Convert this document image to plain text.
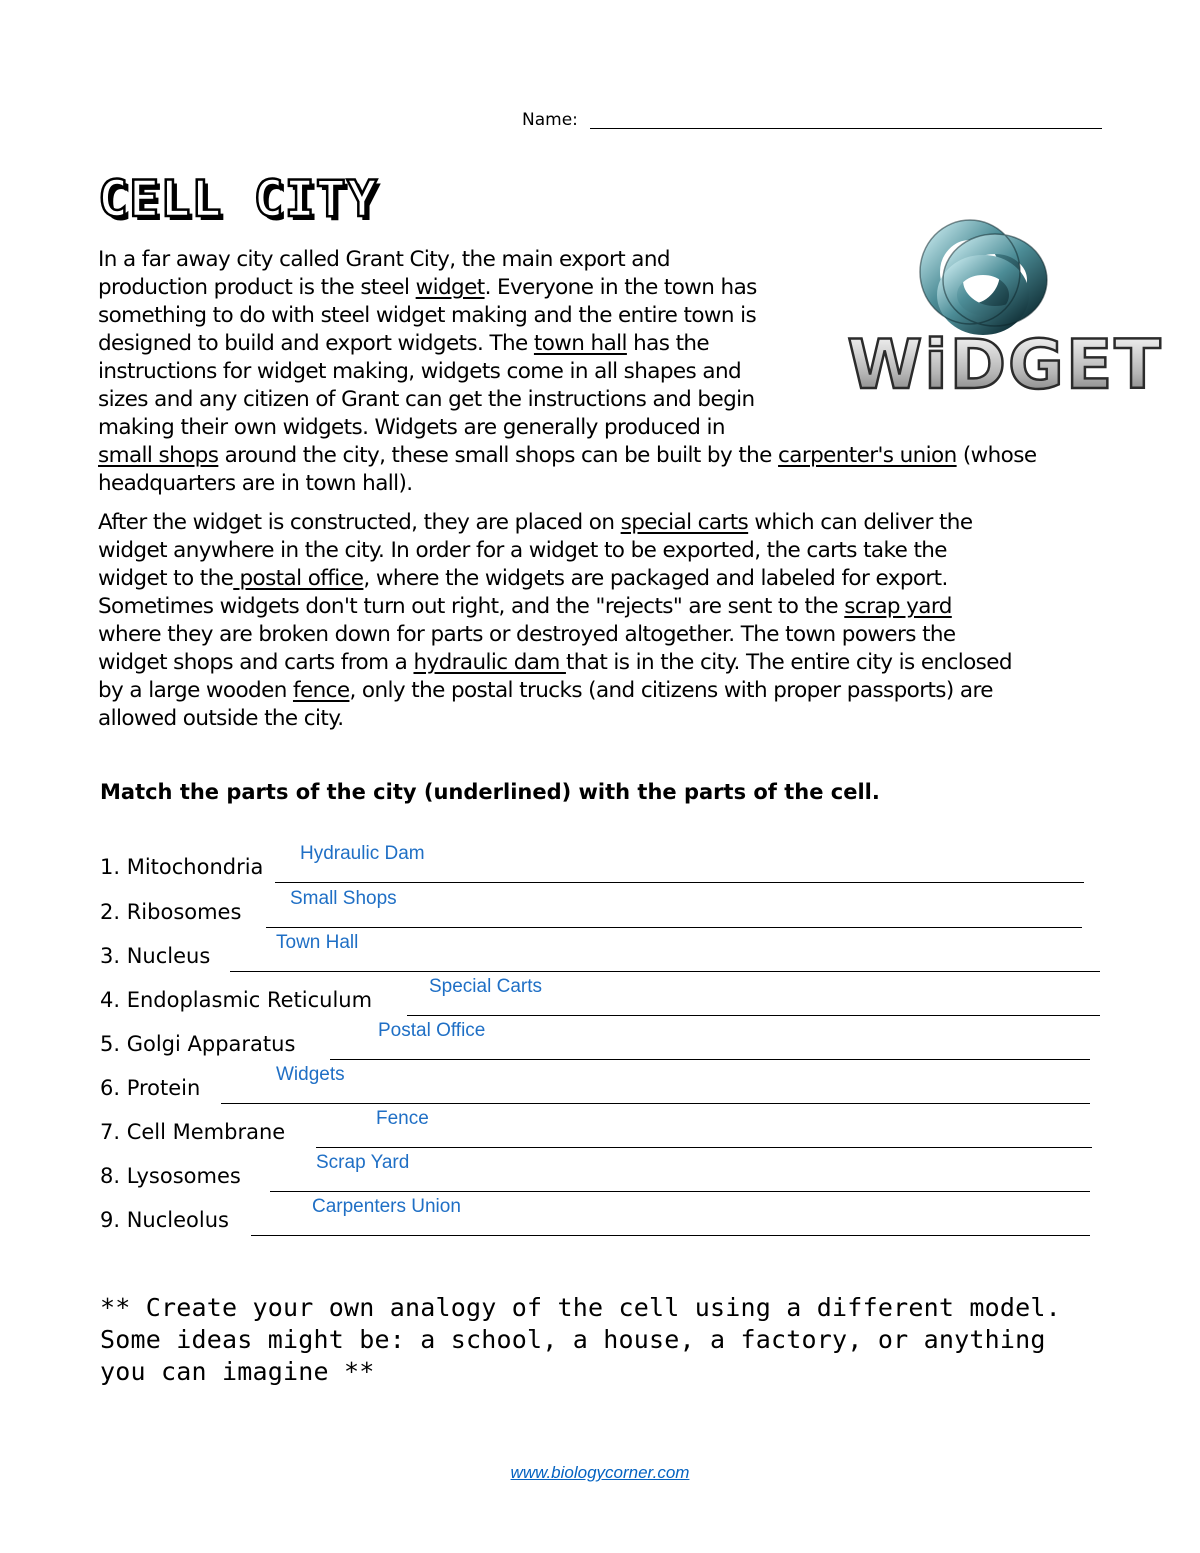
Name:
CELL CITY
WiDGET
In a far away city called Grant City, the main export and
production product is the steel widget. Everyone in the town has
something to do with steel widget making and the entire town is
designed to build and export widgets. The town hall has the
instructions for widget making, widgets come in all shapes and
sizes and any citizen of Grant can get the instructions and begin
making their own widgets. Widgets are generally produced in
small shops around the city, these small shops can be built by the carpenter's union (whose
headquarters are in town hall).
After the widget is constructed, they are placed on special carts which can deliver the
widget anywhere in the city. In order for a widget to be exported, the carts take the
widget to the postal office, where the widgets are packaged and labeled for export.
Sometimes widgets don't turn out right, and the "rejects" are sent to the scrap yard
where they are broken down for parts or destroyed altogether. The town powers the
widget shops and carts from a hydraulic dam that is in the city. The entire city is enclosed
by a large wooden fence, only the postal trucks (and citizens with proper passports) are
allowed outside the city.
Match the parts of the city (underlined) with the parts of the cell.
1. Mitochondria
Hydraulic Dam
2. Ribosomes
Small Shops
3. Nucleus
Town Hall
4. Endoplasmic Reticulum
Special Carts
5. Golgi Apparatus
Postal Office
6. Protein
Widgets
7. Cell Membrane
Fence
8. Lysosomes
Scrap Yard
9. Nucleolus
Carpenters Union
** Create your own analogy of the cell using a different model. Some ideas might be: a school, a house, a factory, or anything you can imagine **
www.biologycorner.com
